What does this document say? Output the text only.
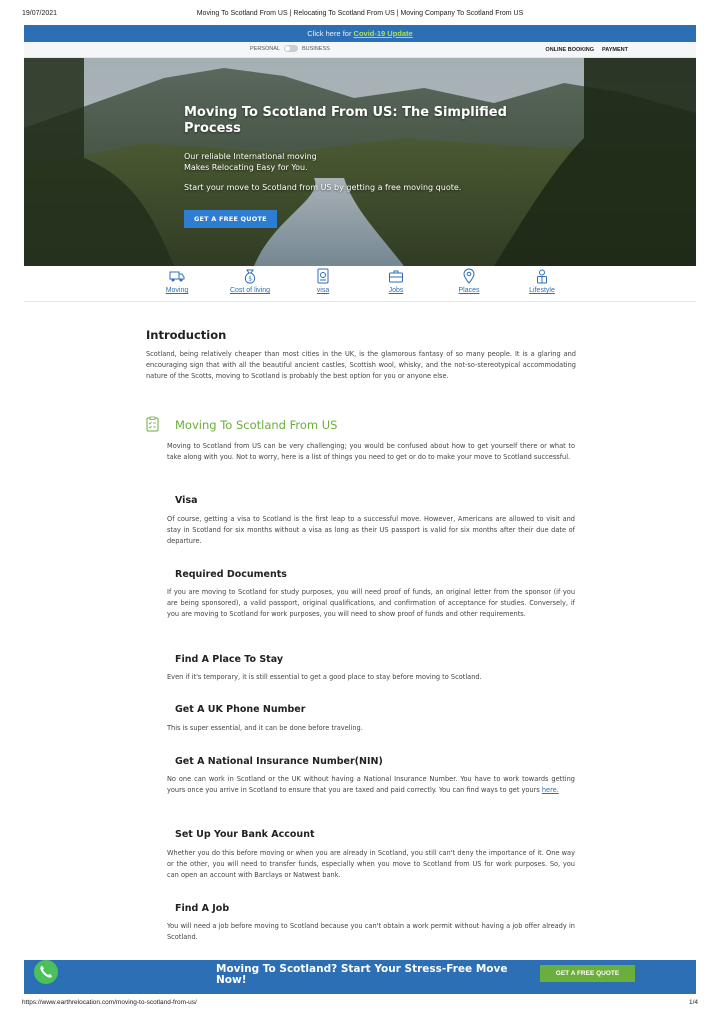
19/07/2021	Moving To Scotland From US | Relocating To Scotland From US | Moving Company To Scotland From US
Click here for Covid-19 Update
PERSONAL	BUSINESS	ONLINE BOOKING PAYMENT
Moving To Scotland From US: The Simplified Process

Our reliable International moving

Makes Relocating Easy for You.

Start your move to Scotland from US by getting a free moving quote.

GET A FREE QUOTE
Moving
$
Cost of living	visa	Jobs	Places	Lifestyle
Introduction
Scotland, being relatively cheaper than most cities in the UK, is the glamorous fantasy of so many people. It is a glaring and encouraging sign that with all the beautiful ancient castles, Scottish wool, whisky, and the not-so-stereotypical accommodating nature of the Scotts, moving to Scotland is probably the best option for you or anyone else.
Moving To Scotland From US
Moving to Scotland from US can be very challenging; you would be confused about how to get yourself there or what to take along with you. Not to worry, here is a list of things you need to get or do to make your move to Scotland successful.
Visa
Of course, getting a visa to Scotland is the first leap to a successful move. However, Americans are allowed to visit and stay in Scotland for six months without a visa as long as their US passport is valid for six months after their due date of departure.
Required Documents
If you are moving to Scotland for study purposes, you will need proof of funds, an original letter from the sponsor (if you are being sponsored), a valid passport, original qualifications, and confirmation of acceptance for studies. Conversely, if you are moving to Scotland for work purposes, you will need to show proof of funds and other requirements.
Find A Place To Stay
Even if it's temporary, it is still essential to get a good place to stay before moving to Scotland.
Get A UK Phone Number
This is super essential, and it can be done before traveling.
Get A National Insurance Number(NIN)
No one can work in Scotland or the UK without having a National Insurance Number. You have to work towards getting yours once you arrive in Scotland to ensure that you are taxed and paid correctly. You can find ways to get yours here.
Set Up Your Bank Account
Whether you do this before moving or when you are already in Scotland, you still can't deny the importance of it. One way or the other, you will need to transfer funds, especially when you move to Scotland from US for work purposes. So, you can open an account with Barclays or Natwest bank.
Find A Job
You will need a job before moving to Scotland because you can't obtain a work permit without having a job offer already in Scotland.
Moving To Scotland? Start Your Stress-Free Move Now!
GET A FREE QUOTE
https://www.earthrelocation.com/moving-to-scotland-from-us/	1/4
